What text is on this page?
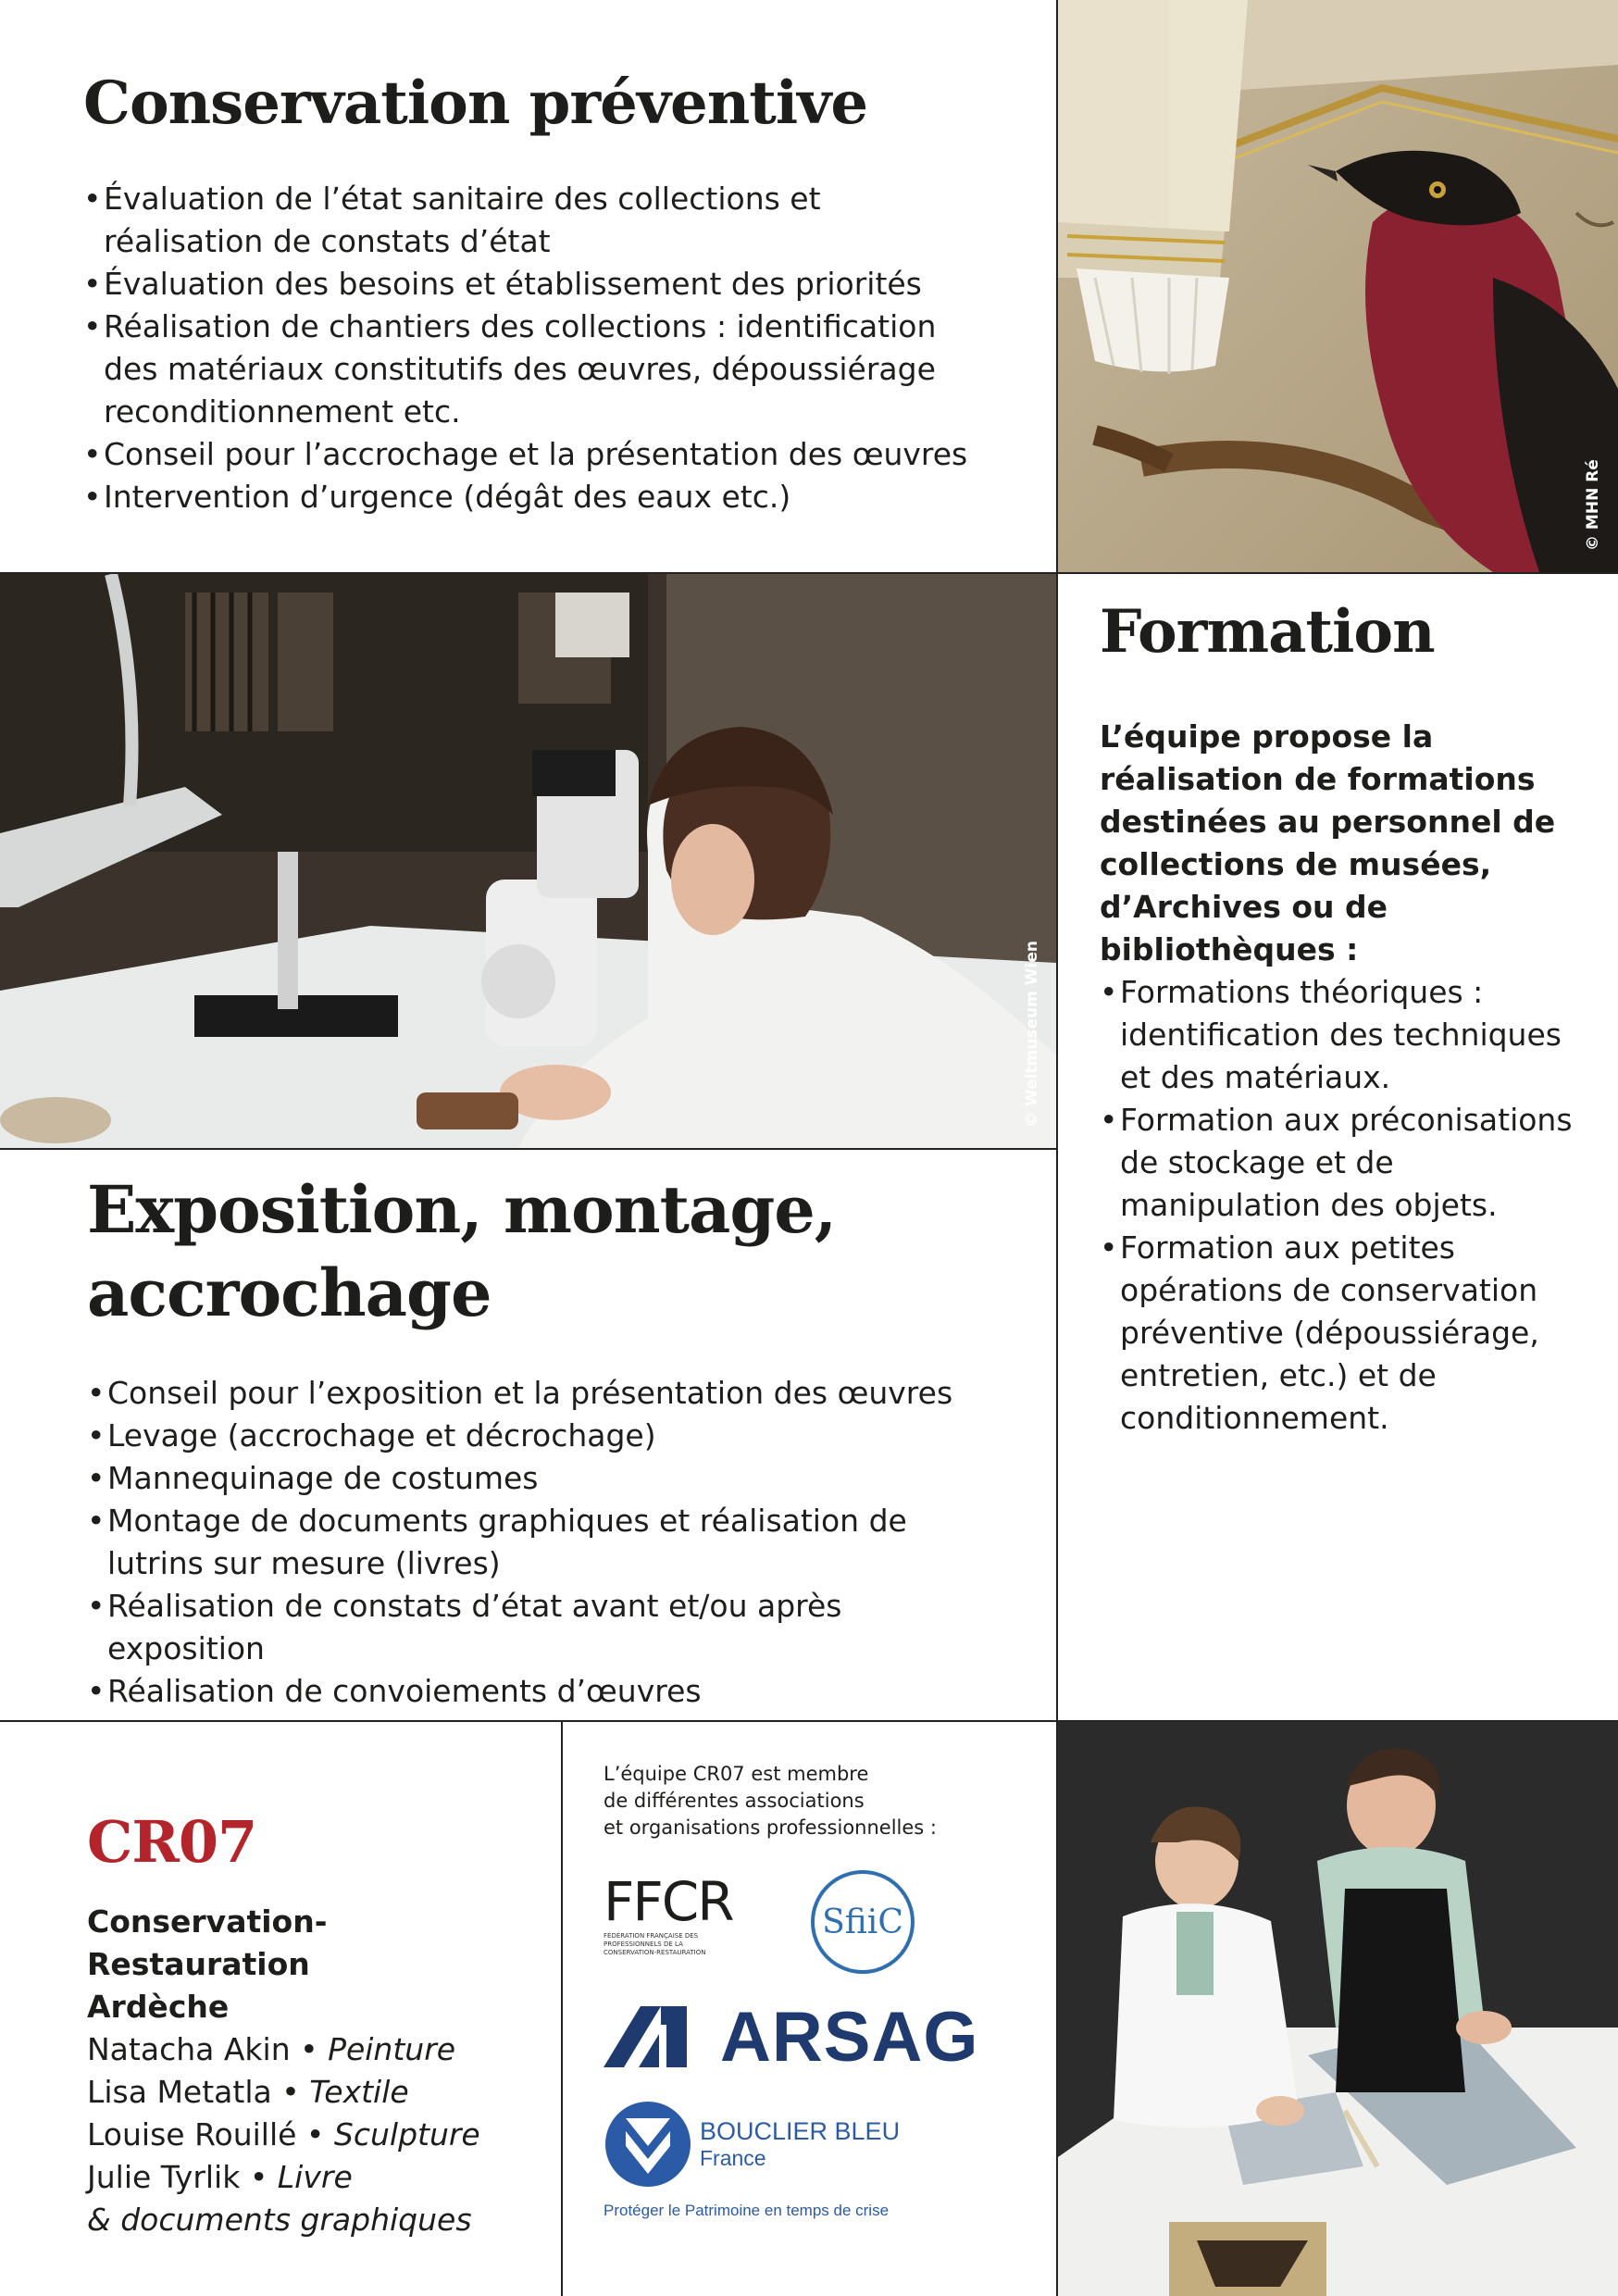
Conservation préventive
• Évaluation de l’état sanitaire des collections et réalisation de constats d’état
• Évaluation des besoins et établissement des priorités
• Réalisation de chantiers des collections : identification des matériaux constitutifs des œuvres, dépoussiérage reconditionnement etc.
• Conseil pour l’accrochage et la présentation des œuvres
• Intervention d’urgence (dégât des eaux etc.)	© MHN Ré
© Weltmuseum Wien
Formation

L’équipe propose la réalisation de formations destinées au personnel de collections de musées, d’Archives ou de bibliothèques :

• Formations théoriques : identification des techniques et des matériaux.
• Formation aux préconisations de stockage et de manipulation des objets.
• Formation aux petites opérations de conservation préventive (dépoussiérage, entretien, etc.) et de conditionnement.
Exposition, montage,
accrochage
• Conseil pour l’exposition et la présentation des œuvres
• Levage (accrochage et décrochage)
• Mannequinage de costumes
• Montage de documents graphiques et réalisation de lutrins sur mesure (livres)
• Réalisation de constats d’état avant et/ou après exposition
• Réalisation de convoiements d’œuvres
CR07
Conservation-Restauration
Ardèche
Natacha Akin • Peinture
Lisa Metatla • Textile
Louise Rouillé • Sculpture
Julie Tyrlik • Livre
& documents graphiques
L’équipe CR07 est membre
de différentes associations
et organisations professionnelles :
FFCR
FÉDÉRATION FRANÇAISE DES
PROFESSIONNELS DE LA
CONSERVATION-RESTAURATION
SfiiC
ARSAG
BOUCLIER BLEU
France
Protéger le Patrimoine en temps de crise
